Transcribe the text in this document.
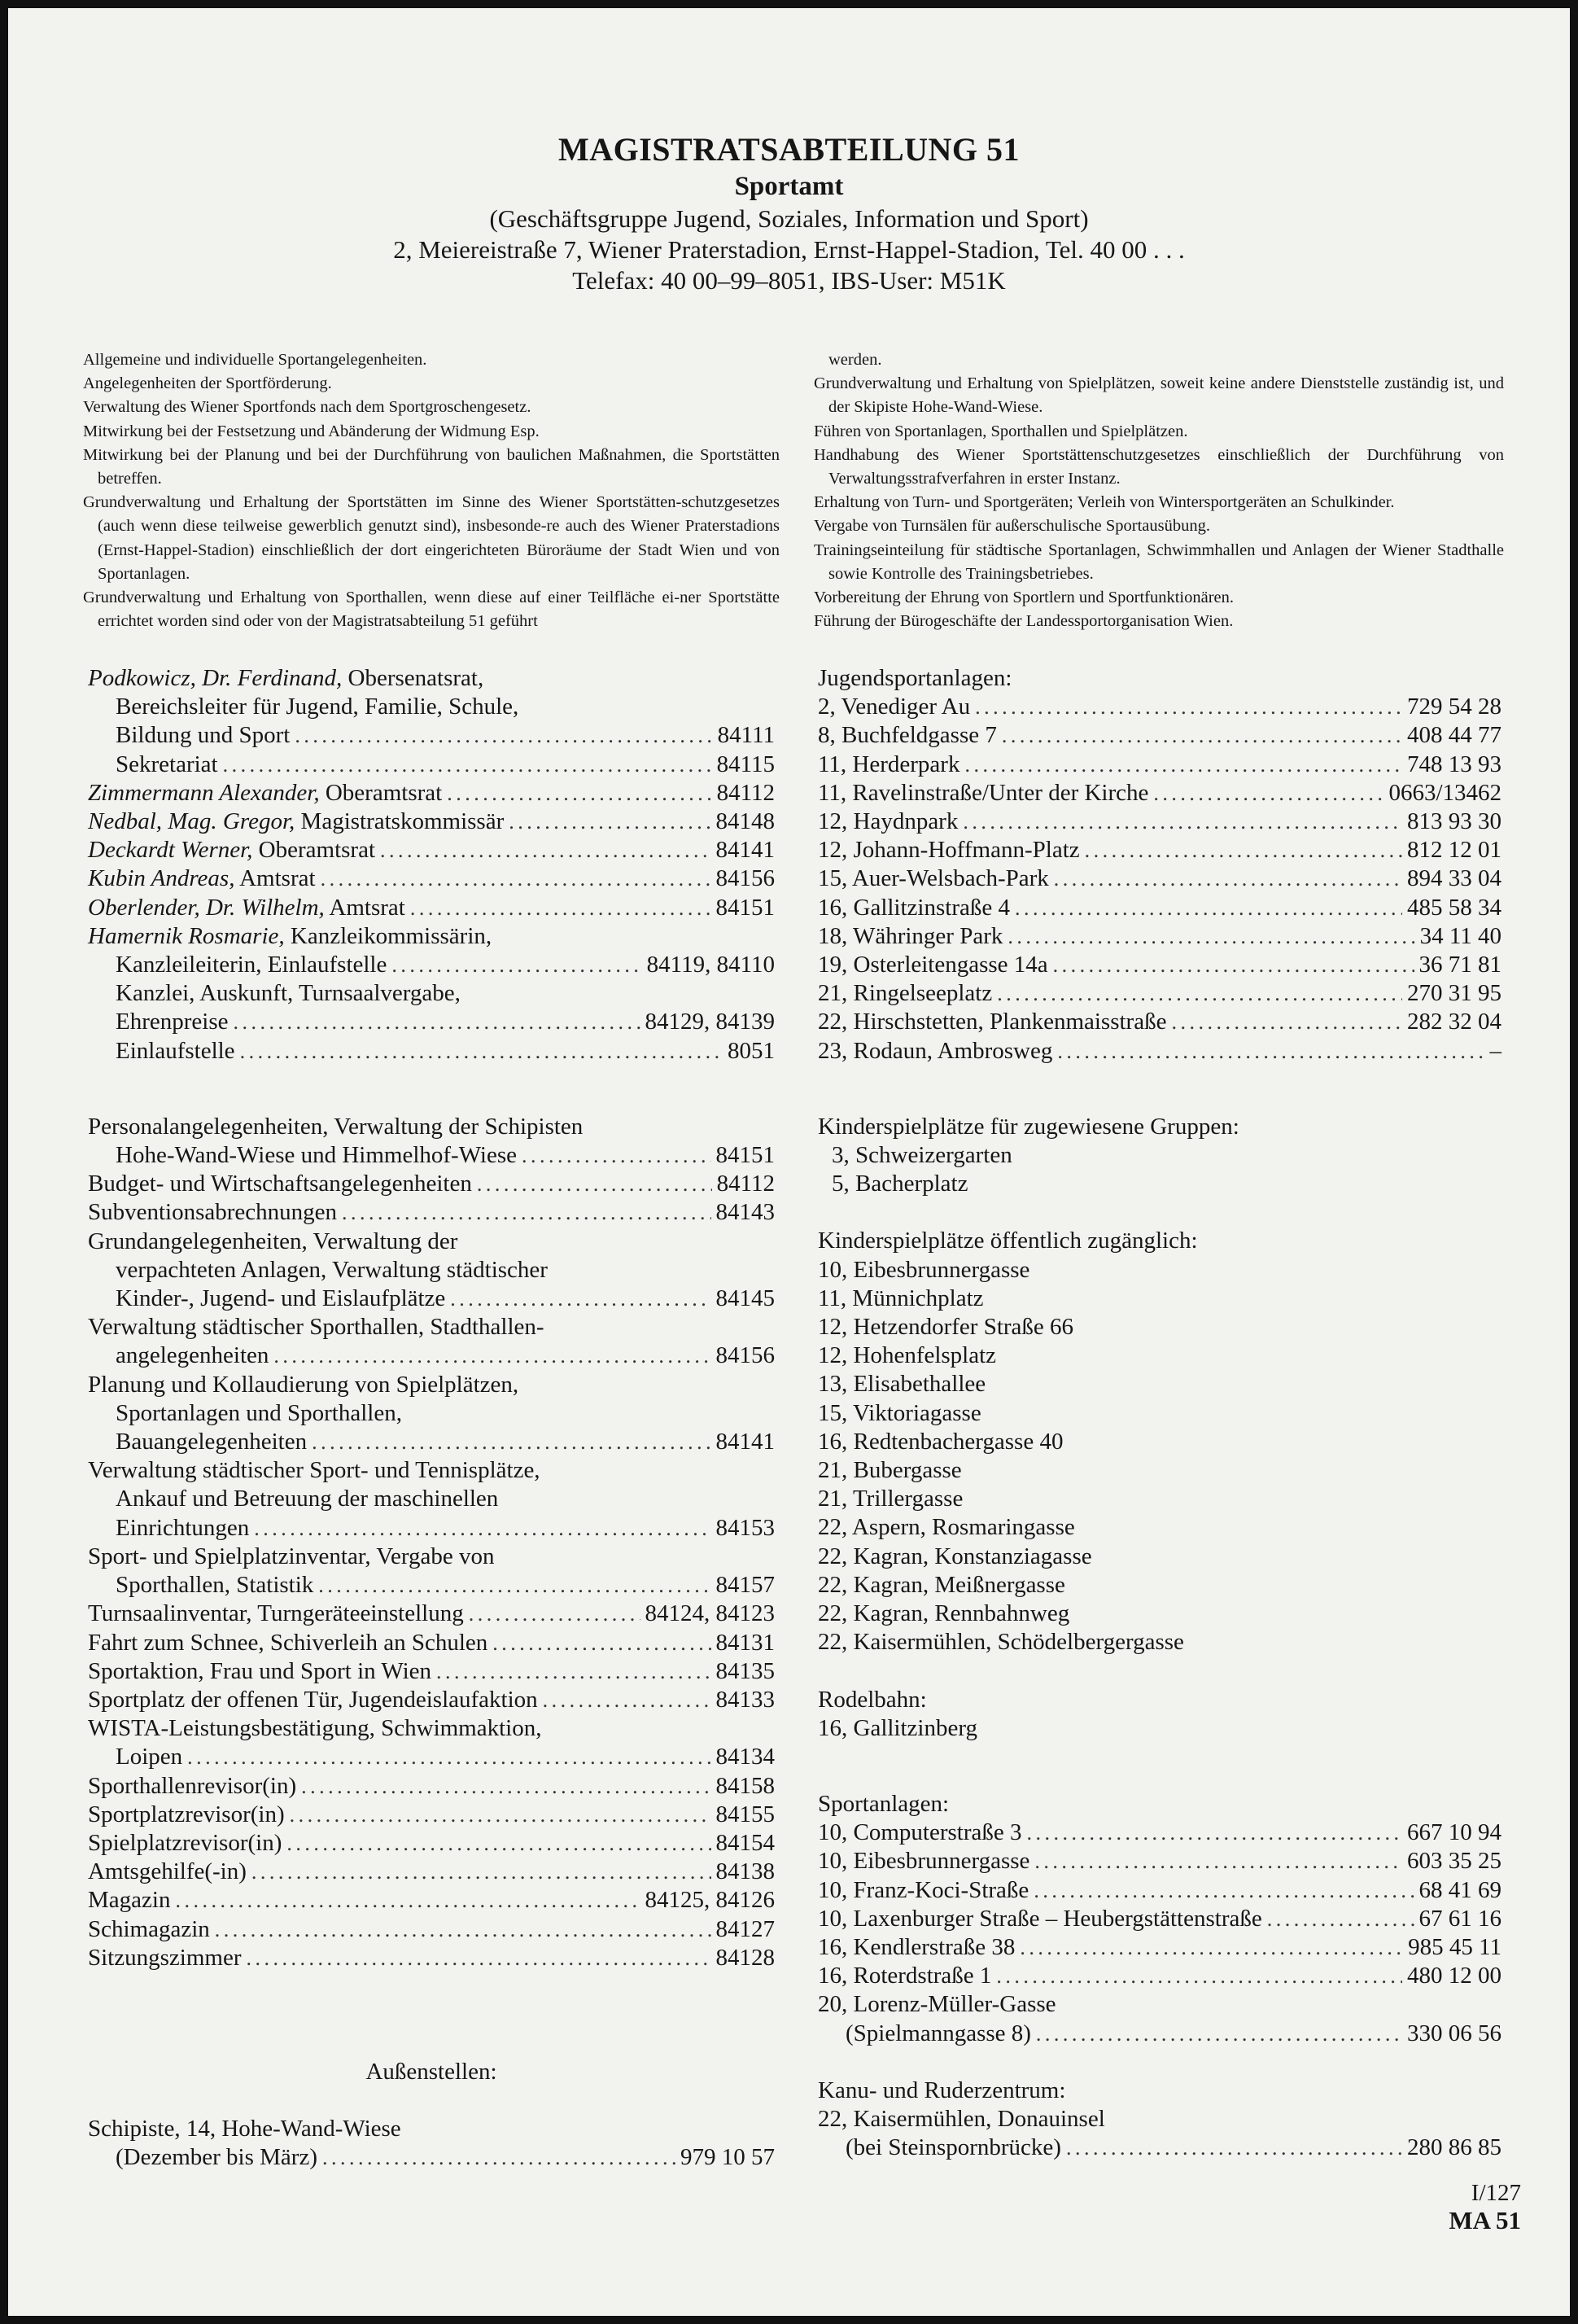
MAGISTRATSABTEILUNG 51
Sportamt
(Geschäftsgruppe Jugend, Soziales, Information und Sport)
2, Meiereistraße 7, Wiener Praterstadion, Ernst-Happel-Stadion, Tel. 40 00 . . .
Telefax: 40 00–99–8051, IBS-User: M51K

Allgemeine und individuelle Sportangelegenheiten.

Angelegenheiten der Sportförderung.

Verwaltung des Wiener Sportfonds nach dem Sportgroschengesetz.

Mitwirkung bei der Festsetzung und Abänderung der Widmung Esp.

Mitwirkung bei der Planung und bei der Durchführung von baulichen Maßnahmen, die Sportstätten betreffen.

Grundverwaltung und Erhaltung der Sportstätten im Sinne des Wiener Sportstätten-schutzgesetzes (auch wenn diese teilweise gewerblich genutzt sind), insbesonde-re auch des Wiener Praterstadions (Ernst-Happel-Stadion) einschließlich der dort eingerichteten Büroräume der Stadt Wien und von Sportanlagen.

Grundverwaltung und Erhaltung von Sporthallen, wenn diese auf einer Teilfläche ei-ner Sportstätte errichtet worden sind oder von der Magistratsabteilung 51 geführt

werden.

Grundverwaltung und Erhaltung von Spielplätzen, soweit keine andere Dienststelle zuständig ist, und der Skipiste Hohe-Wand-Wiese.

Führen von Sportanlagen, Sporthallen und Spielplätzen.

Handhabung des Wiener Sportstättenschutzgesetzes einschließlich der Durchführung von Verwaltungsstrafverfahren in erster Instanz.

Erhaltung von Turn- und Sportgeräten; Verleih von Wintersportgeräten an Schulkinder.

Vergabe von Turnsälen für außerschulische Sportausübung.

Trainingseinteilung für städtische Sportanlagen, Schwimmhallen und Anlagen der Wiener Stadthalle sowie Kontrolle des Trainingsbetriebes.

Vorbereitung der Ehrung von Sportlern und Sportfunktionären.

Führung der Bürogeschäfte der Landessportorganisation Wien.

Podkowicz, Dr. Ferdinand, Obersenatsrat,
Bereichsleiter für Jugend, Familie, Schule,
Bildung und Sport .....	84111
Sekretariat .....	84115
Zimmermann Alexander, Oberamtsrat .....	84112
Nedbal, Mag. Gregor, Magistratskommissär .....	84148
Deckardt Werner, Oberamtsrat .....	84141
Kubin Andreas, Amtsrat .....	84156
Oberlender, Dr. Wilhelm, Amtsrat .....	84151
Hamernik Rosmarie, Kanzleikommissärin,
Kanzleileiterin, Einlaufstelle .....	84119, 84110
Kanzlei, Auskunft, Turnsaalvergabe,
Ehrenpreise .....	84129, 84139
Einlaufstelle .....	8051
Personalangelegenheiten, Verwaltung der Schipisten
Hohe-Wand-Wiese und Himmelhof-Wiese .....	84151
Budget- und Wirtschaftsangelegenheiten .....	84112
Subventionsabrechnungen .....	84143
Grundangelegenheiten, Verwaltung der
verpachteten Anlagen, Verwaltung städtischer
Kinder-, Jugend- und Eislaufplätze .....	84145
Verwaltung städtischer Sporthallen, Stadthallen-
angelegenheiten .....	84156
Planung und Kollaudierung von Spielplätzen,
Sportanlagen und Sporthallen,
Bauangelegenheiten .....	84141
Verwaltung städtischer Sport- und Tennisplätze,
Ankauf und Betreuung der maschinellen
Einrichtungen .....	84153
Sport- und Spielplatzinventar, Vergabe von
Sporthallen, Statistik .....	84157
Turnsaalinventar, Turngeräteeinstellung .....	84124, 84123
Fahrt zum Schnee, Schiverleih an Schulen .....	84131
Sportaktion, Frau und Sport in Wien .....	84135
Sportplatz der offenen Tür, Jugendeislaufaktion .....	84133
WISTA-Leistungsbestätigung, Schwimmaktion,
Loipen .....	84134
Sporthallenrevisor(in) .....	84158
Sportplatzrevisor(in) .....	84155
Spielplatzrevisor(in) .....	84154
Amtsgehilfe(-in) .....	84138
Magazin .....	84125, 84126
Schimagazin .....	84127
Sitzungszimmer .....	84128
Außenstellen:
Schipiste, 14, Hohe-Wand-Wiese
(Dezember bis März) .....	979 10 57
Jugendsportanlagen:
2, Venediger Au .....	729 54 28
8, Buchfeldgasse 7 .....	408 44 77
11, Herderpark .....	748 13 93
11, Ravelinstraße/Unter der Kirche .....	0663/13462
12, Haydnpark .....	813 93 30
12, Johann-Hoffmann-Platz .....	812 12 01
15, Auer-Welsbach-Park .....	894 33 04
16, Gallitzinstraße 4 .....	485 58 34
18, Währinger Park .....	34 11 40
19, Osterleitengasse 14a .....	36 71 81
21, Ringelseeplatz .....	270 31 95
22, Hirschstetten, Plankenmaisstraße .....	282 32 04
23, Rodaun, Ambrosweg .....	–
Kinderspielplätze für zugewiesene Gruppen:
3, Schweizergarten
5, Bacherplatz
Kinderspielplätze öffentlich zugänglich:
10, Eibesbrunnergasse
11, Münnichplatz
12, Hetzendorfer Straße 66
12, Hohenfelsplatz
13, Elisabethallee
15, Viktoriagasse
16, Redtenbachergasse 40
21, Bubergasse
21, Trillergasse
22, Aspern, Rosmaringasse
22, Kagran, Konstanziagasse
22, Kagran, Meißnergasse
22, Kagran, Rennbahnweg
22, Kaisermühlen, Schödelbergergasse
Rodelbahn:
16, Gallitzinberg
Sportanlagen:
10, Computerstraße 3 .....	667 10 94
10, Eibesbrunnergasse .....	603 35 25
10, Franz-Koci-Straße .....	68 41 69
10, Laxenburger Straße – Heubergstättenstraße .....	67 61 16
16, Kendlerstraße 38 .....	985 45 11
16, Roterdstraße 1 .....	480 12 00
20, Lorenz-Müller-Gasse
(Spielmanngasse 8) .....	330 06 56
Kanu- und Ruderzentrum:
22, Kaisermühlen, Donauinsel
(bei Steinspornbrücke) .....	280 86 85
I/127
MA 51
